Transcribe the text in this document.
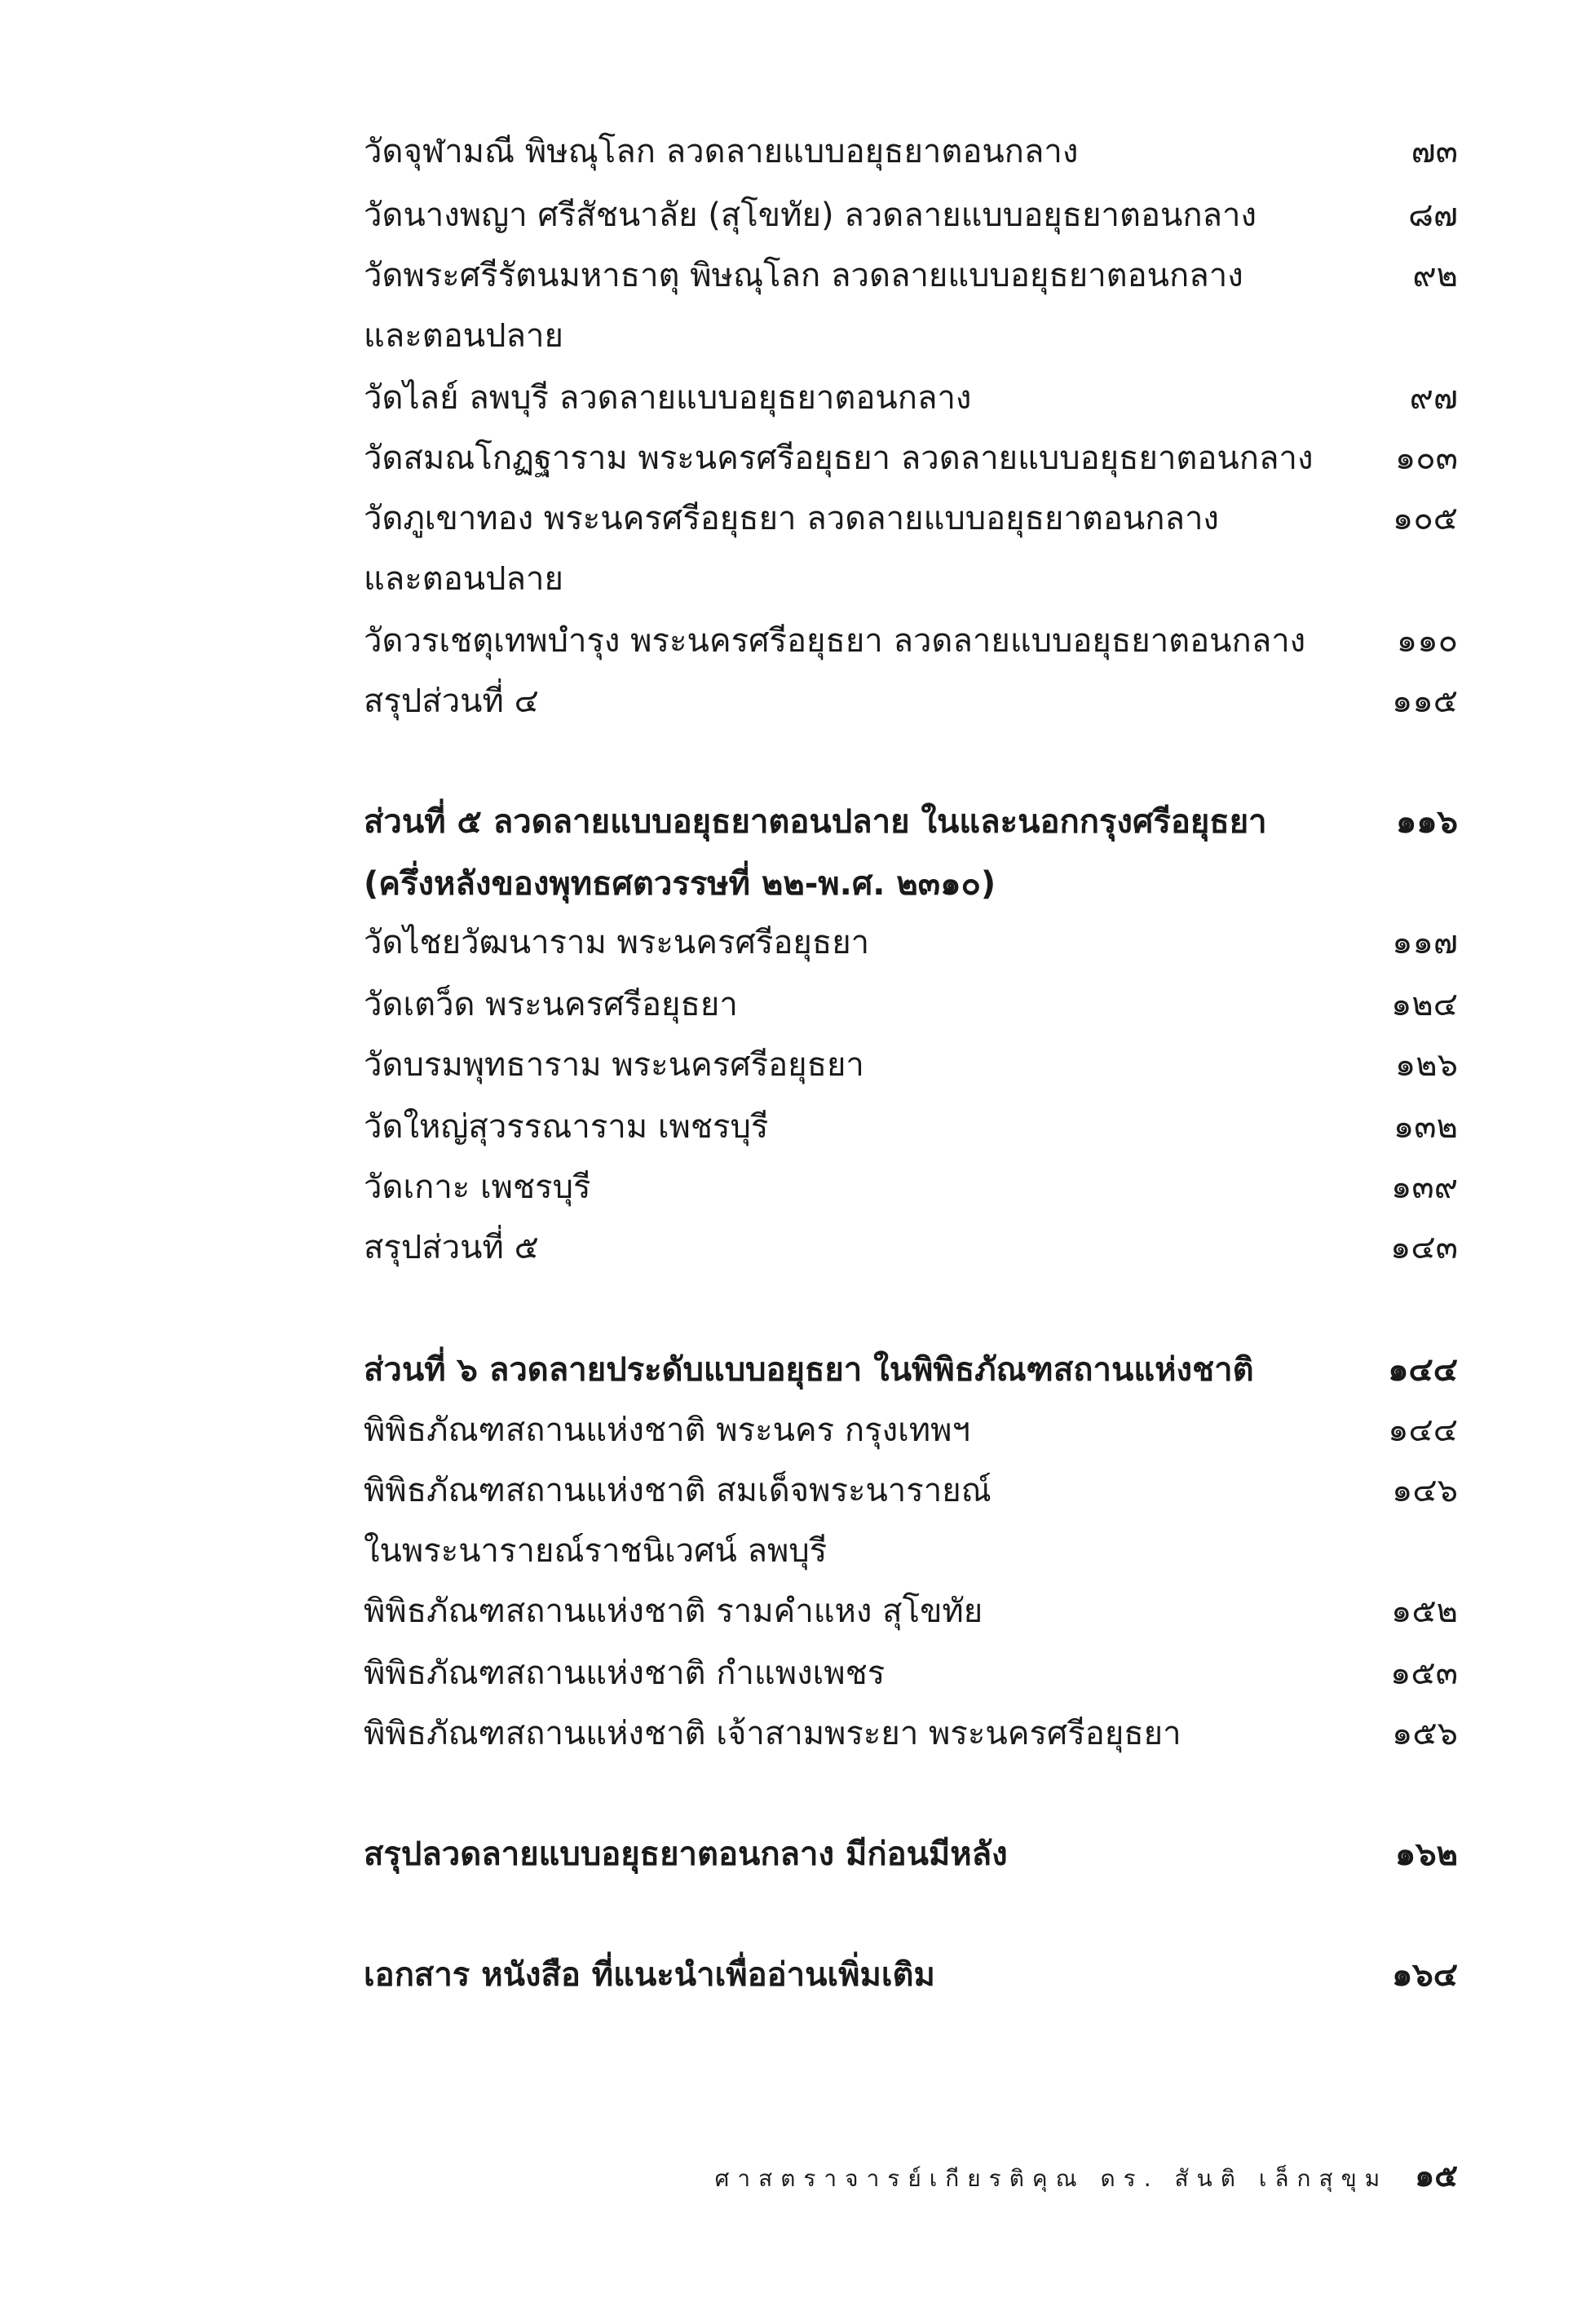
วัดจุฬามณี พิษณุโลก ลวดลายแบบอยุธยาตอนกลาง	๗๓
วัดนางพญา ศรีสัชนาลัย (สุโขทัย) ลวดลายแบบอยุธยาตอนกลาง	๘๗
วัดพระศรีรัตนมหาธาตุ พิษณุโลก ลวดลายแบบอยุธยาตอนกลาง	๙๒
และตอนปลาย
วัดไลย์ ลพบุรี ลวดลายแบบอยุธยาตอนกลาง	๙๗
วัดสมณโกฏฐาราม พระนครศรีอยุธยา ลวดลายแบบอยุธยาตอนกลาง	๑๐๓
วัดภูเขาทอง พระนครศรีอยุธยา ลวดลายแบบอยุธยาตอนกลาง	๑๐๕
และตอนปลาย
วัดวรเชตุเทพบำรุง พระนครศรีอยุธยา ลวดลายแบบอยุธยาตอนกลาง	๑๑๐
สรุปส่วนที่ ๔	๑๑๕
ส่วนที่ ๕ ลวดลายแบบอยุธยาตอนปลาย ในและนอกกรุงศรีอยุธยา	๑๑๖
(ครึ่งหลังของพุทธศตวรรษที่ ๒๒-พ.ศ. ๒๓๑๐)
วัดไชยวัฒนาราม พระนครศรีอยุธยา	๑๑๗
วัดเตว็ด พระนครศรีอยุธยา	๑๒๔
วัดบรมพุทธาราม พระนครศรีอยุธยา	๑๒๖
วัดใหญ่สุวรรณาราม เพชรบุรี	๑๓๒
วัดเกาะ เพชรบุรี	๑๓๙
สรุปส่วนที่ ๕	๑๔๓
ส่วนที่ ๖ ลวดลายประดับแบบอยุธยา ในพิพิธภัณฑสถานแห่งชาติ	๑๔๔
พิพิธภัณฑสถานแห่งชาติ พระนคร กรุงเทพฯ	๑๔๔
พิพิธภัณฑสถานแห่งชาติ สมเด็จพระนารายณ์	๑๔๖
ในพระนารายณ์ราชนิเวศน์ ลพบุรี
พิพิธภัณฑสถานแห่งชาติ รามคำแหง สุโขทัย	๑๕๒
พิพิธภัณฑสถานแห่งชาติ กำแพงเพชร	๑๕๓
พิพิธภัณฑสถานแห่งชาติ เจ้าสามพระยา พระนครศรีอยุธยา	๑๕๖
สรุปลวดลายแบบอยุธยาตอนกลาง มีก่อนมีหลัง	๑๖๒
เอกสาร หนังสือ ที่แนะนำเพื่ออ่านเพิ่มเติม	๑๖๔
ศาสตราจารย์เกียรติคุณ ดร. สันติ เล็กสุขุม ๑๕
